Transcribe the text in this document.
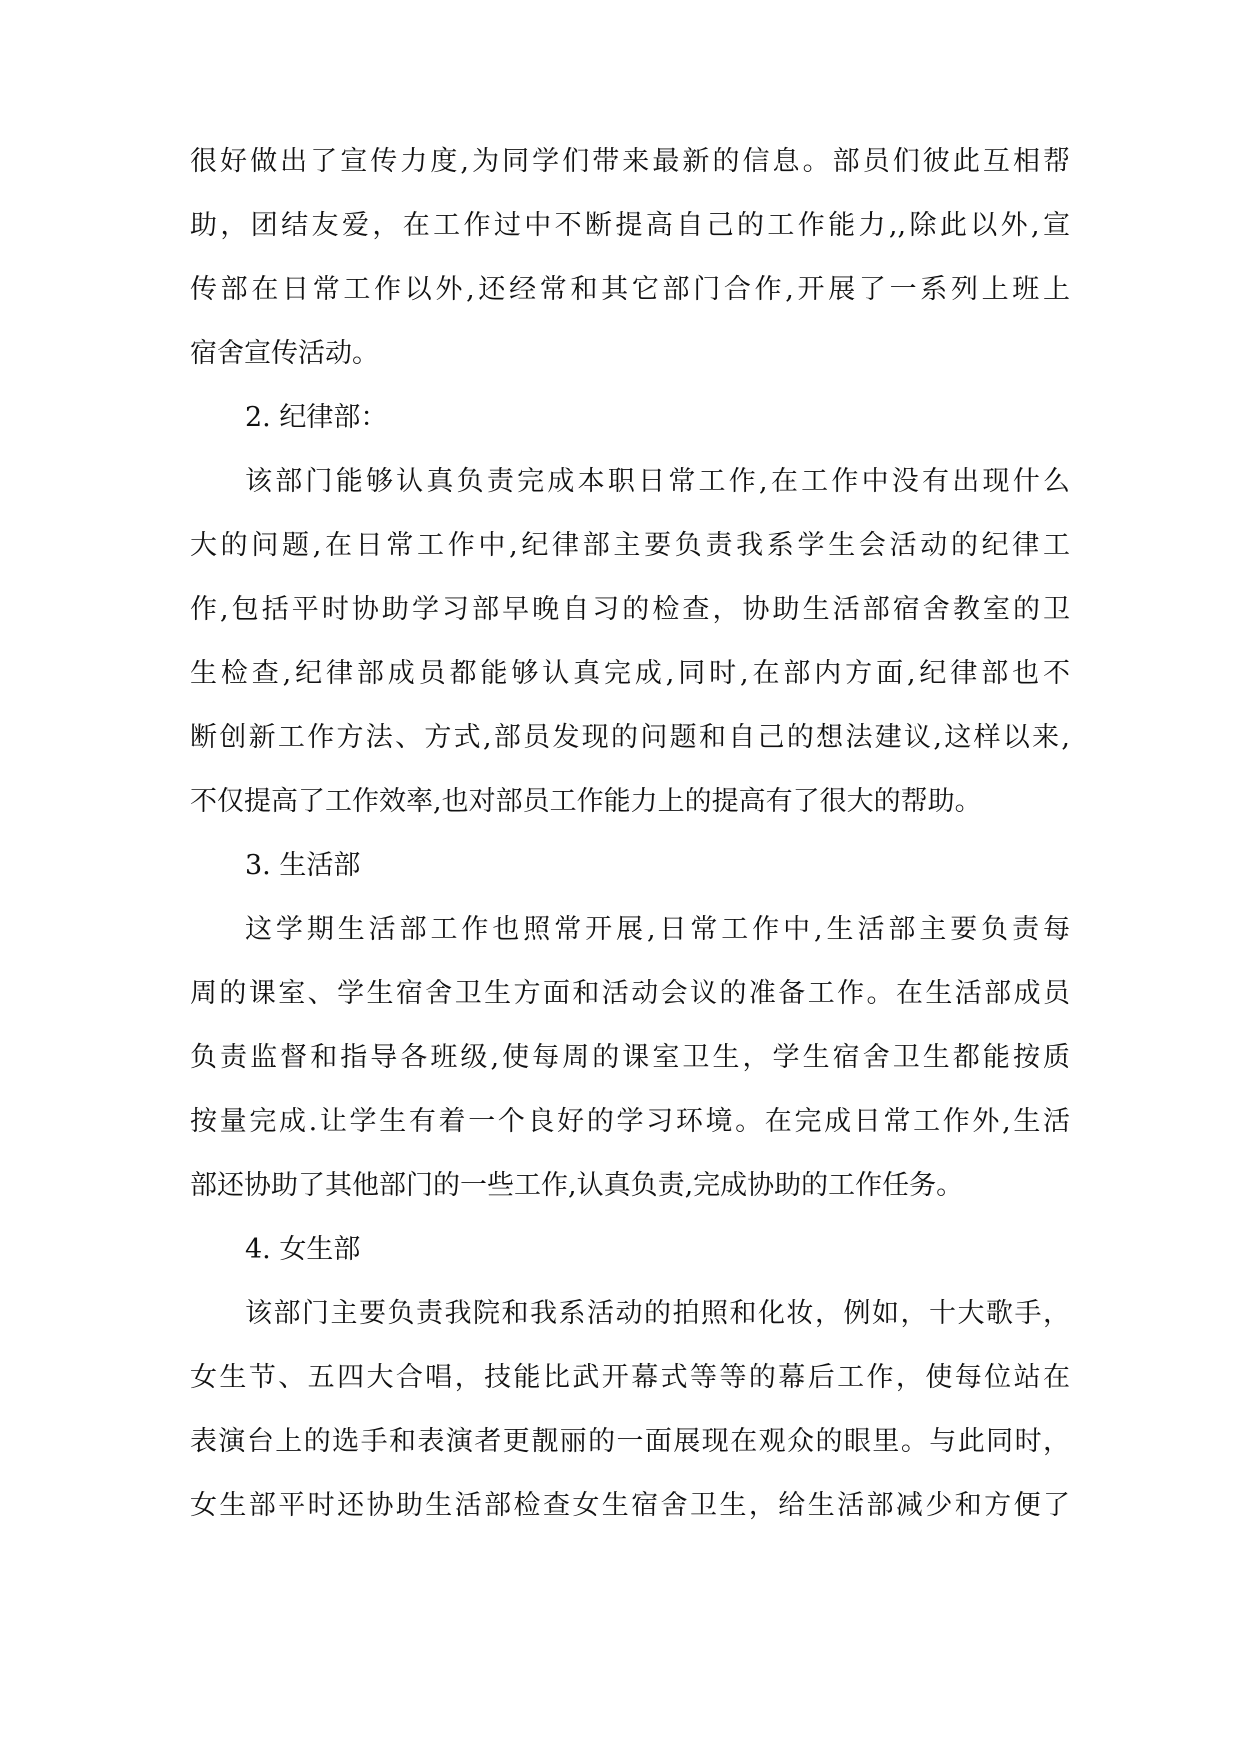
很好做出了宣传力度,为同学们带来最新的信息。部员们彼此互相帮
助，团结友爱，在工作过中不断提高自己的工作能力,,除此以外,宣
传部在日常工作以外,还经常和其它部门合作,开展了一系列上班上
宿舍宣传活动。
2. 纪律部：
该部门能够认真负责完成本职日常工作,在工作中没有出现什么
大的问题,在日常工作中,纪律部主要负责我系学生会活动的纪律工
作,包括平时协助学习部早晚自习的检查，协助生活部宿舍教室的卫
生检查,纪律部成员都能够认真完成,同时,在部内方面,纪律部也不
断创新工作方法、方式,部员发现的问题和自己的想法建议,这样以来,
不仅提高了工作效率,也对部员工作能力上的提高有了很大的帮助。
3. 生活部
这学期生活部工作也照常开展,日常工作中,生活部主要负责每
周的课室、学生宿舍卫生方面和活动会议的准备工作。在生活部成员
负责监督和指导各班级,使每周的课室卫生，学生宿舍卫生都能按质
按量完成.让学生有着一个良好的学习环境。在完成日常工作外,生活
部还协助了其他部门的一些工作,认真负责,完成协助的工作任务。
4. 女生部
该部门主要负责我院和我系活动的拍照和化妆，例如，十大歌手，
女生节、五四大合唱，技能比武开幕式等等的幕后工作，使每位站在
表演台上的选手和表演者更靓丽的一面展现在观众的眼里。与此同时，
女生部平时还协助生活部检查女生宿舍卫生，给生活部减少和方便了
